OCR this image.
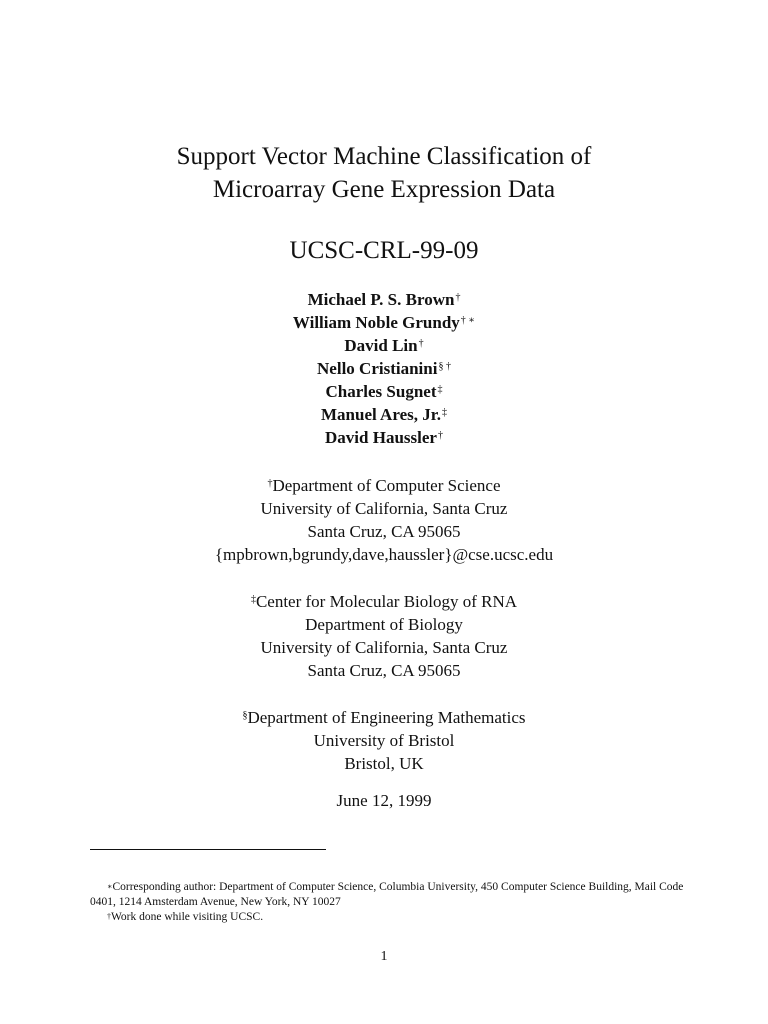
Support Vector Machine Classification of
Microarray Gene Expression Data
UCSC-CRL-99-09
Michael P. S. Brown†
William Noble Grundy† ∗
David Lin†
Nello Cristianini§ †
Charles Sugnet‡
Manuel Ares, Jr.‡
David Haussler†
†Department of Computer Science
University of California, Santa Cruz
Santa Cruz, CA 95065
{mpbrown,bgrundy,dave,haussler}@cse.ucsc.edu
‡Center for Molecular Biology of RNA
Department of Biology
University of California, Santa Cruz
Santa Cruz, CA 95065
§Department of Engineering Mathematics
University of Bristol
Bristol, UK
June 12, 1999
∗Corresponding author: Department of Computer Science, Columbia University, 450 Computer Science Building, Mail Code 0401, 1214 Amsterdam Avenue, New York, NY 10027
†Work done while visiting UCSC.
1
